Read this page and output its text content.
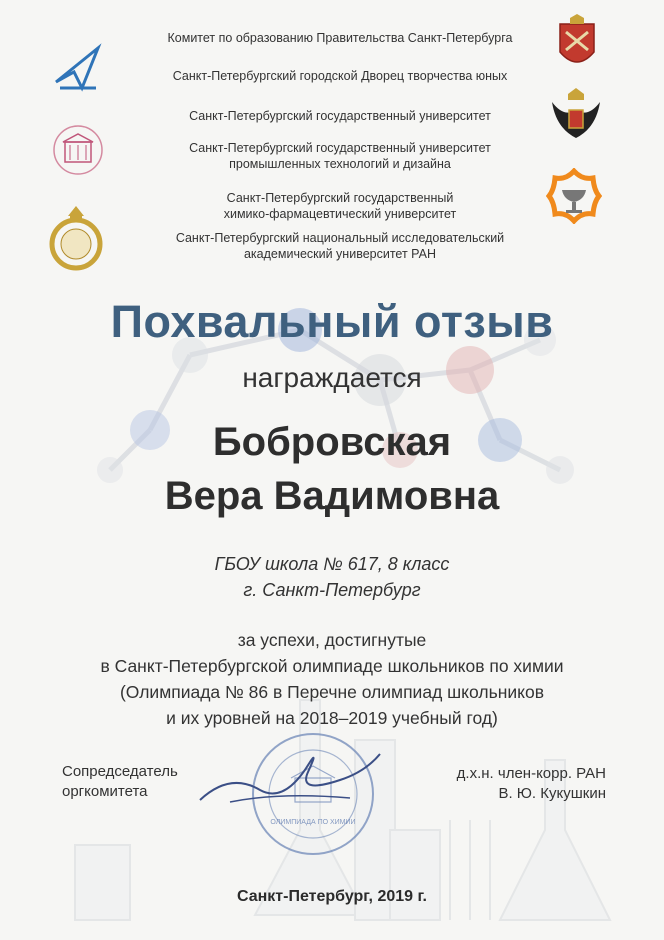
Комитет по образованию Правительства Санкт-Петербурга
Санкт-Петербургский городской Дворец творчества юных
Санкт-Петербургский государственный университет
Санкт-Петербургский государственный университет
промышленных технологий и дизайна
Санкт-Петербургский государственный
химико-фармацевтический университет
Санкт-Петербургский национальный исследовательский
академический университет РАН
Похвальный отзыв
награждается
Бобровская
Вера Вадимовна
ГБОУ школа № 617, 8 класс
г. Санкт-Петербург
за успехи, достигнутые
в Санкт-Петербургской олимпиаде школьников по химии
(Олимпиада № 86 в Перечне олимпиад школьников
и их уровней на 2018–2019 учебный год)
Сопредседатель
оргкомитета
д.х.н. член-корр. РАН
В. Ю. Кукушкин
ОЛИМПИАДА ПО ХИМИИ
Санкт-Петербург, 2019 г.
